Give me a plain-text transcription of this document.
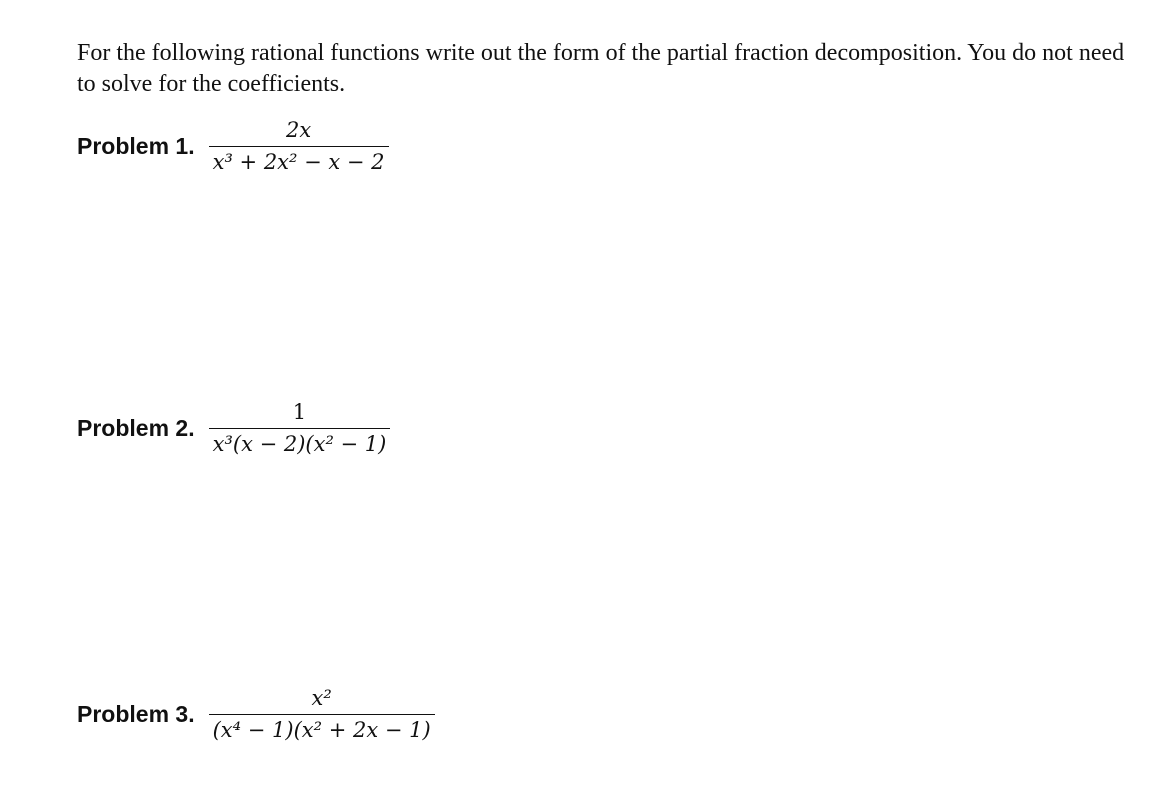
For the following rational functions write out the form of the partial fraction decomposition. You do not need to solve for the coefficients.

Problem 1. $\frac{2x}{\text{x³ + 2x² − x − 2}}$
Problem 2. $\frac{1}{\text{x³(x − 2)(x² − 1)}}$
Problem 3. $\frac{\text{x²}}{\text{(x⁴ − 1)(x² + 2x − 1)}}$
